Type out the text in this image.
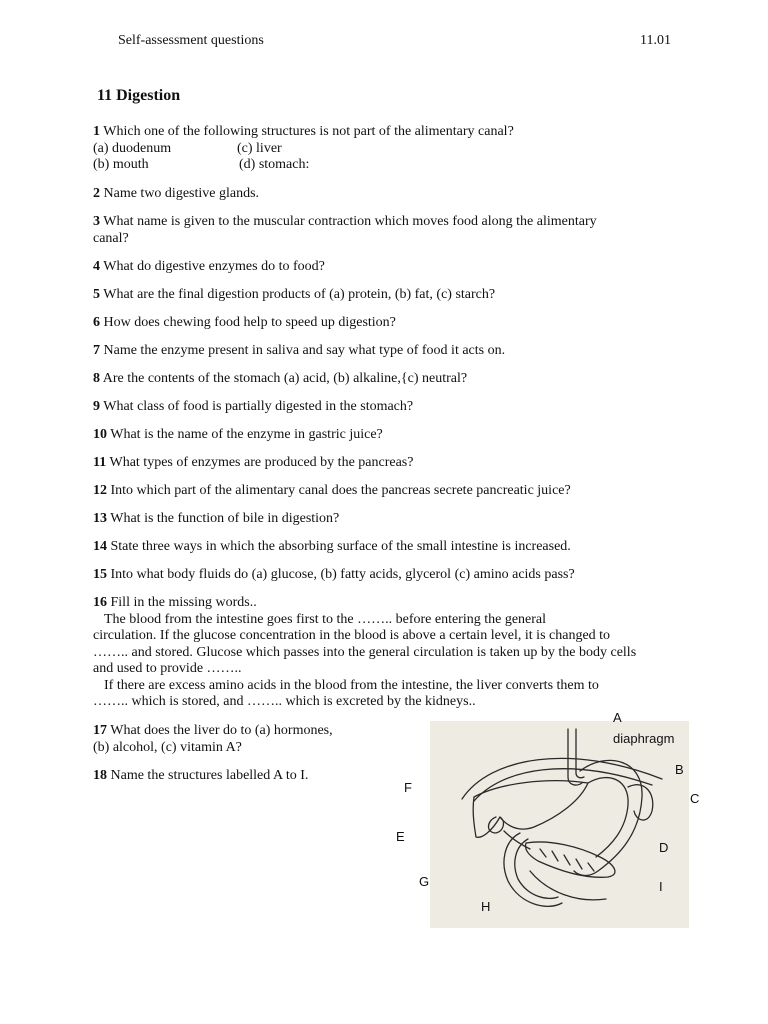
Self-assessment questions	11.01
11 Digestion
1 Which one of the following structures is not part of the alimentary canal?
(a) duodenum	(c) liver
(b) mouth	(d) stomach:
2 Name two digestive glands.
3 What name is given to the muscular contraction which moves food along the alimentary
canal?
4 What do digestive enzymes do to food?
5 What are the final digestion products of (a) protein, (b) fat, (c) starch?
6 How does chewing food help to speed up digestion?
7 Name the enzyme present in saliva and say what type of food it acts on.
8 Are the contents of the stomach (a) acid, (b) alkaline,{c) neutral?
9 What class of food is partially digested in the stomach?
10 What is the name of the enzyme in gastric juice?
11 What types of enzymes are produced by the pancreas?
12 Into which part of the alimentary canal does the pancreas secrete pancreatic juice?
13 What is the function of bile in digestion?
14 State three ways in which the absorbing surface of the small intestine is increased.
15 Into what body fluids do (a) glucose, (b) fatty acids, glycerol (c) amino acids pass?
16 Fill in the missing words..
The blood from the intestine goes first to the …….. before entering the general
circulation. If the glucose concentration in the blood is above a certain level, it is changed to
…….. and stored. Glucose which passes into the general circulation is taken up by the body cells
and used to provide ……..
If there are excess amino acids in the blood from the intestine, the liver converts them to
…….. which is stored, and …….. which is excreted by the kidneys..
17 What does the liver do to (a) hormones,
(b) alcohol, (c) vitamin A?
18 Name the structures labelled A to I.
A
diaphragm
B
C
D
E
F
G
H
I
